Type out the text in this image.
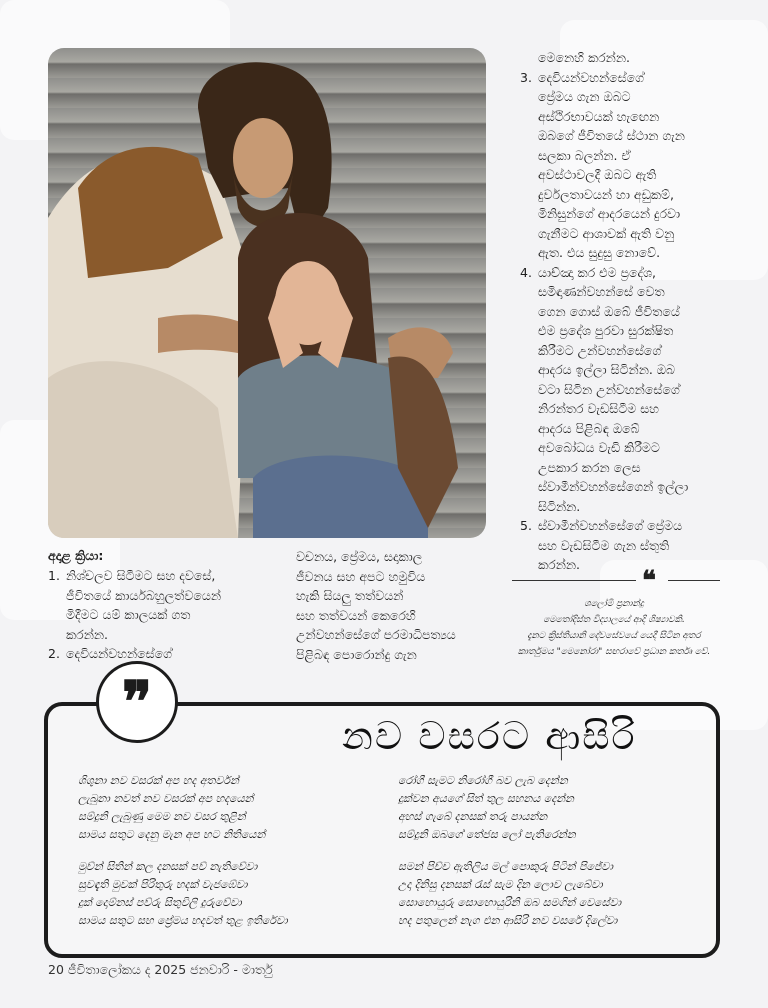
අදාළ ක්‍රියා:
1. නිශ්චලව සිටීමට සහ දවසේ,
ජීවිතයේ කාර්යබහුලත්වයෙන්
මිදීමට යම් කාලයක් ගත
කරන්න.
2. දෙවියන්වහන්සේගේ
වචනය, ප්‍රේමය, සදාකාල
ජීවනය සහ අපට හමුවිය
හැකි සියලු තත්වයන්
සහ තත්වයන් කෙරෙහි
උන්වහන්සේගේ පරමාධිපත්‍යය
පිළිබඳ පොරොන්දු ගැන
මෙනෙහි කරන්න.
3. දෙවියන්වහන්සේගේ
ප්‍රේමය ගැන ඔබට
අස්ථිරභාවයක් හැඟෙන
ඔබගේ ජීවිතයේ ස්ථාන ගැන
සලකා බලන්න. ඒ
අවස්ථාවලදී ඔබට ඇති
දුර්වලතාවයන් හා අඩුකම්,
මිනිසුන්ගේ ආදරයෙන් දුරවා
ගැනීමට ආශාවක් ඇති වනු
ඇත. එය සුදුසු නොවේ.
4. යාච්ඤා කර එම ප්‍රදේශ,
සමිඳාණන්වහන්සේ වෙත
ගෙන ගොස් ඔබේ ජීවිතයේ
එම ප්‍රදේශ පුරවා සුරක්ෂිත
කිරීමට උන්වහන්සේගේ
ආදරය ඉල්ලා සිටින්න. ඔබ
වටා සිටින උන්වහන්සේගේ
නිරන්තර වැඩසිටීම සහ
ආදරය පිළිබඳ ඔබේ
අවබෝධය වැඩි කිරීමට
උපකාර කරන ලෙස
ස්වාමීන්වහන්සේගෙන් ඉල්ලා
සිටින්න.
5. ස්වාමීන්වහන්සේගේ ප්‍රේමය
සහ වැඩසිටීම ගැන ස්තුති
කරන්න.
❝
ශලෝමි ප්‍රනාන්දු
මෙතෝදිස්ත විද්‍යාලයේ ආදි ශිෂ්‍යාවකි.
දැනට ක්‍රිස්තියානි දේවසේවයේ යෙදී සිටින අතර
කාර්තුමය "මෙනෝරා" සඟරාවේ ප්‍රධාන කර්තෘ වේ.
❞
නව වසරට ආසිරි
ශිශුනා නව වසරක් අප හද අතර්වන්
ලැබුනා නවත් නව වසරක් අප හදයෙන්
සම්දුනි ලැබුණු මෙම නව වසර තුළින්
සාමය සතුට දෙනු මැන අප හට නිතියෙන්
මුව්න් සිතින් කල දනසක් පව් නැතිවේවා
සුවඳැති මුවක් පිරිතුරු හදක් වැජඹේවා
දුක් දොම්නස් පව්රු සිතුවිලි දුරුවේවා
සාමය සතුට සහ ප්‍රේමය හදවත් තුළ ඉතිරේවා
රෝගී සැමට නිරෝගී බව ලැබ දෙන්න
දුක්වන අයගේ සිත් තුල සහනය දෙන්න
අහස් ගැබේ දනසක් තරු පායන්න
සම්දුනි ඔබගේ තේජස ලෝ පැතිරෙන්න
සමන් පිච්ච ඇතිලිය මල් පොකුරු පිටින් පිජේවා
උදා දිනිසු දනසක් රැස් සැම දින ලොව ලැබේවා
සොහොයුරු සොහොයුරිනි ඔබ සමගින් වෙසේවා
හද පතුලෙන් නැග එන ආසිරි නව වසරේ දිලේවා
20 ජීවිතාලෝකය ද 2025 ජනවාරි - මාර්තු
